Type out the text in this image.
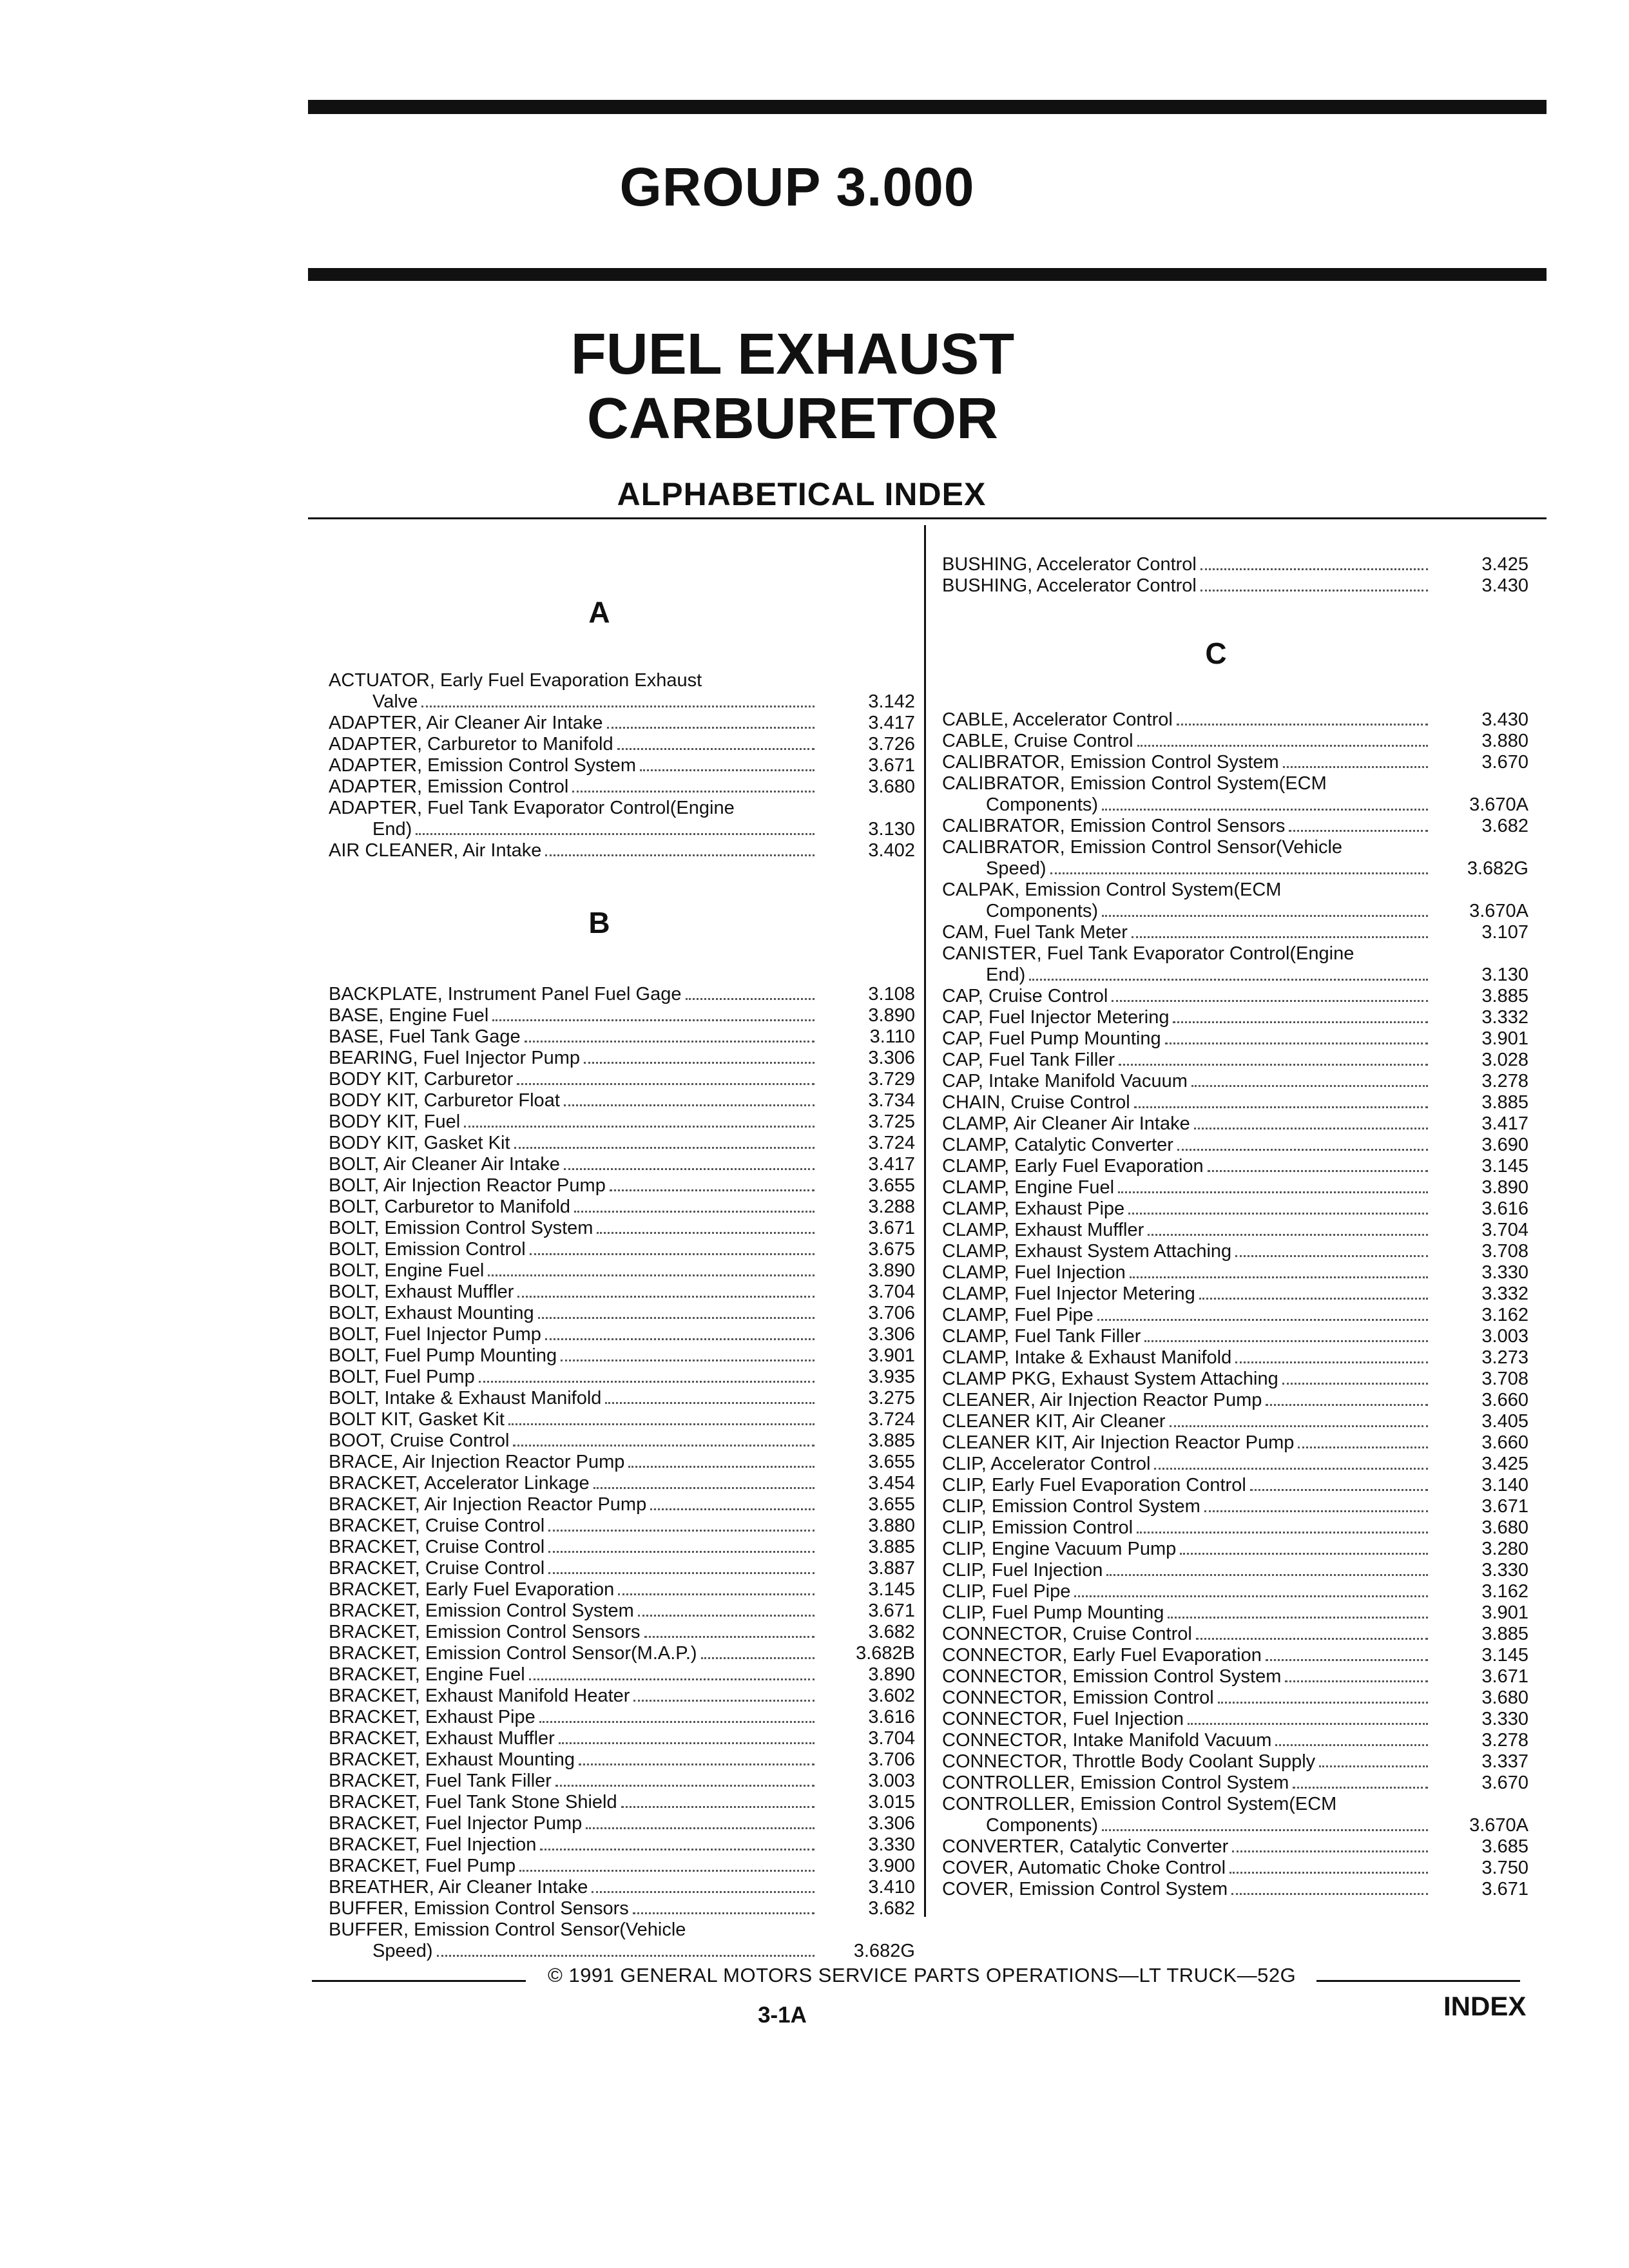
GROUP 3.000
FUEL EXHAUST
CARBURETOR
ALPHABETICAL INDEX
A
ACTUATOR, Early Fuel Evaporation Exhaust
Valve	3.142
ADAPTER, Air Cleaner Air Intake	3.417
ADAPTER, Carburetor to Manifold	3.726
ADAPTER, Emission Control System	3.671
ADAPTER, Emission Control	3.680
ADAPTER, Fuel Tank Evaporator Control(Engine
End)	3.130
AIR CLEANER, Air Intake	3.402
B
BACKPLATE, Instrument Panel Fuel Gage	3.108
BASE, Engine Fuel	3.890
BASE, Fuel Tank Gage	3.110
BEARING, Fuel Injector Pump	3.306
BODY KIT, Carburetor	3.729
BODY KIT, Carburetor Float	3.734
BODY KIT, Fuel	3.725
BODY KIT, Gasket Kit	3.724
BOLT, Air Cleaner Air Intake	3.417
BOLT, Air Injection Reactor Pump	3.655
BOLT, Carburetor to Manifold	3.288
BOLT, Emission Control System	3.671
BOLT, Emission Control	3.675
BOLT, Engine Fuel	3.890
BOLT, Exhaust Muffler	3.704
BOLT, Exhaust Mounting	3.706
BOLT, Fuel Injector Pump	3.306
BOLT, Fuel Pump Mounting	3.901
BOLT, Fuel Pump	3.935
BOLT, Intake & Exhaust Manifold	3.275
BOLT KIT, Gasket Kit	3.724
BOOT, Cruise Control	3.885
BRACE, Air Injection Reactor Pump	3.655
BRACKET, Accelerator Linkage	3.454
BRACKET, Air Injection Reactor Pump	3.655
BRACKET, Cruise Control	3.880
BRACKET, Cruise Control	3.885
BRACKET, Cruise Control	3.887
BRACKET, Early Fuel Evaporation	3.145
BRACKET, Emission Control System	3.671
BRACKET, Emission Control Sensors	3.682
BRACKET, Emission Control Sensor(M.A.P.)	3.682B
BRACKET, Engine Fuel	3.890
BRACKET, Exhaust Manifold Heater	3.602
BRACKET, Exhaust Pipe	3.616
BRACKET, Exhaust Muffler	3.704
BRACKET, Exhaust Mounting	3.706
BRACKET, Fuel Tank Filler	3.003
BRACKET, Fuel Tank Stone Shield	3.015
BRACKET, Fuel Injector Pump	3.306
BRACKET, Fuel Injection	3.330
BRACKET, Fuel Pump	3.900
BREATHER, Air Cleaner Intake	3.410
BUFFER, Emission Control Sensors	3.682
BUFFER, Emission Control Sensor(Vehicle
Speed)	3.682G
BUSHING, Accelerator Control	3.425
BUSHING, Accelerator Control	3.430
C
CABLE, Accelerator Control	3.430
CABLE, Cruise Control	3.880
CALIBRATOR, Emission Control System	3.670
CALIBRATOR, Emission Control System(ECM
Components)	3.670A
CALIBRATOR, Emission Control Sensors	3.682
CALIBRATOR, Emission Control Sensor(Vehicle
Speed)	3.682G
CALPAK, Emission Control System(ECM
Components)	3.670A
CAM, Fuel Tank Meter	3.107
CANISTER, Fuel Tank Evaporator Control(Engine
End)	3.130
CAP, Cruise Control	3.885
CAP, Fuel Injector Metering	3.332
CAP, Fuel Pump Mounting	3.901
CAP, Fuel Tank Filler	3.028
CAP, Intake Manifold Vacuum	3.278
CHAIN, Cruise Control	3.885
CLAMP, Air Cleaner Air Intake	3.417
CLAMP, Catalytic Converter	3.690
CLAMP, Early Fuel Evaporation	3.145
CLAMP, Engine Fuel	3.890
CLAMP, Exhaust Pipe	3.616
CLAMP, Exhaust Muffler	3.704
CLAMP, Exhaust System Attaching	3.708
CLAMP, Fuel Injection	3.330
CLAMP, Fuel Injector Metering	3.332
CLAMP, Fuel Pipe	3.162
CLAMP, Fuel Tank Filler	3.003
CLAMP, Intake & Exhaust Manifold	3.273
CLAMP PKG, Exhaust System Attaching	3.708
CLEANER, Air Injection Reactor Pump	3.660
CLEANER KIT, Air Cleaner	3.405
CLEANER KIT, Air Injection Reactor Pump	3.660
CLIP, Accelerator Control	3.425
CLIP, Early Fuel Evaporation Control	3.140
CLIP, Emission Control System	3.671
CLIP, Emission Control	3.680
CLIP, Engine Vacuum Pump	3.280
CLIP, Fuel Injection	3.330
CLIP, Fuel Pipe	3.162
CLIP, Fuel Pump Mounting	3.901
CONNECTOR, Cruise Control	3.885
CONNECTOR, Early Fuel Evaporation	3.145
CONNECTOR, Emission Control System	3.671
CONNECTOR, Emission Control	3.680
CONNECTOR, Fuel Injection	3.330
CONNECTOR, Intake Manifold Vacuum	3.278
CONNECTOR, Throttle Body Coolant Supply	3.337
CONTROLLER, Emission Control System	3.670
CONTROLLER, Emission Control System(ECM
Components)	3.670A
CONVERTER, Catalytic Converter	3.685
COVER, Automatic Choke Control	3.750
COVER, Emission Control System	3.671
© 1991 GENERAL MOTORS SERVICE PARTS OPERATIONS—LT TRUCK—52G
3-1A	INDEX
